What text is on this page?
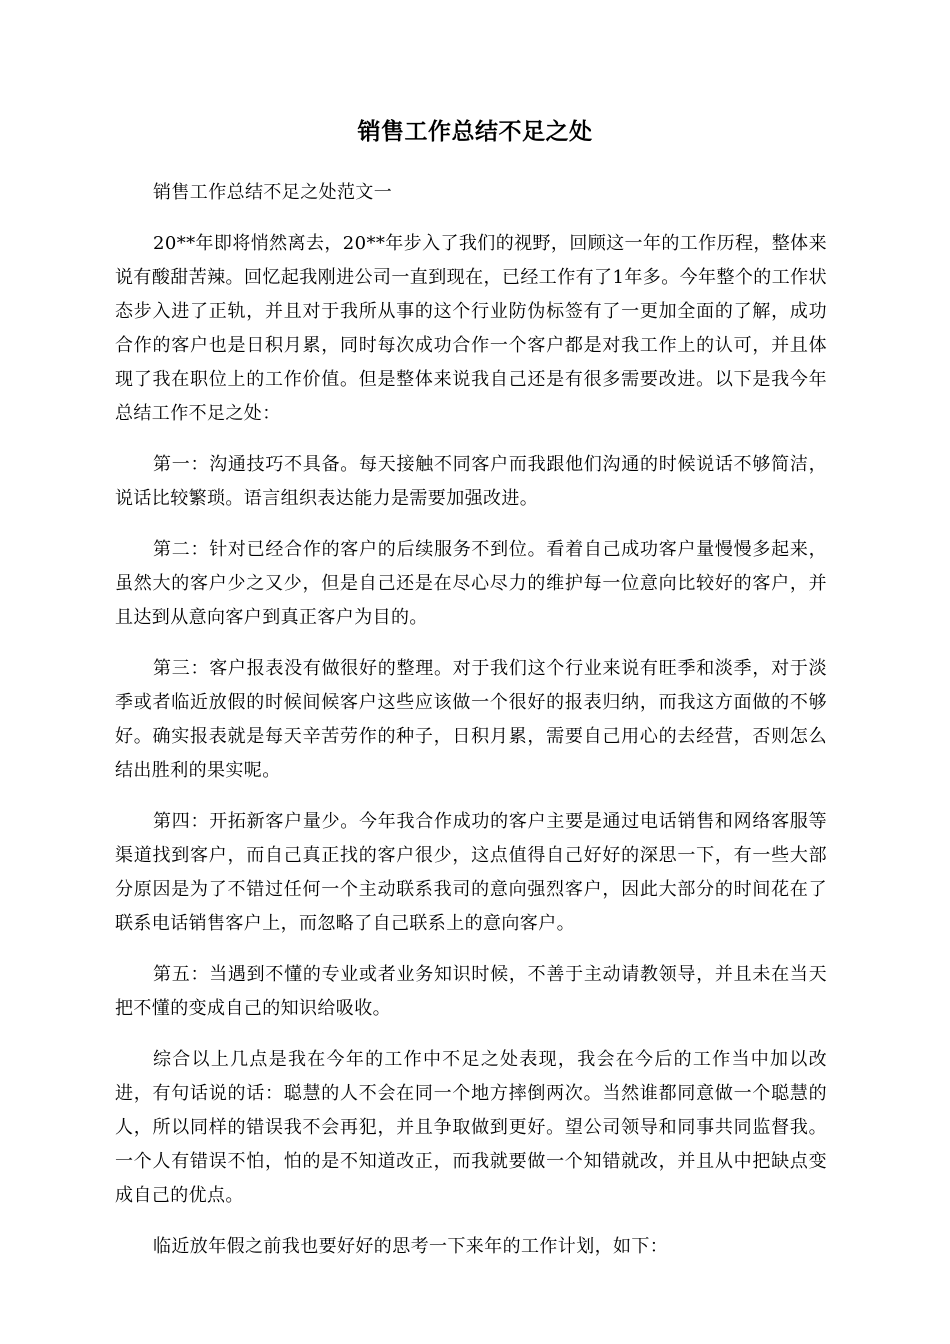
销售工作总结不足之处

销售工作总结不足之处范文一

20**年即将悄然离去，20**年步入了我们的视野，回顾这一年的工作历程，整体来说有酸甜苦辣。回忆起我刚进公司一直到现在，已经工作有了1年多。今年整个的工作状态步入进了正轨，并且对于我所从事的这个行业防伪标签有了一更加全面的了解，成功合作的客户也是日积月累，同时每次成功合作一个客户都是对我工作上的认可，并且体现了我在职位上的工作价值。但是整体来说我自己还是有很多需要改进。以下是我今年总结工作不足之处：

第一：沟通技巧不具备。每天接触不同客户而我跟他们沟通的时候说话不够简洁，说话比较繁琐。语言组织表达能力是需要加强改进。

第二：针对已经合作的客户的后续服务不到位。看着自己成功客户量慢慢多起来，虽然大的客户少之又少，但是自己还是在尽心尽力的维护每一位意向比较好的客户，并且达到从意向客户到真正客户为目的。

第三：客户报表没有做很好的整理。对于我们这个行业来说有旺季和淡季，对于淡季或者临近放假的时候间候客户这些应该做一个很好的报表归纳，而我这方面做的不够好。确实报表就是每天辛苦劳作的种子，日积月累，需要自己用心的去经营，否则怎么结出胜利的果实呢。

第四：开拓新客户量少。今年我合作成功的客户主要是通过电话销售和网络客服等渠道找到客户，而自己真正找的客户很少，这点值得自己好好的深思一下，有一些大部分原因是为了不错过任何一个主动联系我司的意向强烈客户，因此大部分的时间花在了联系电话销售客户上，而忽略了自己联系上的意向客户。

第五：当遇到不懂的专业或者业务知识时候，不善于主动请教领导，并且未在当天把不懂的变成自己的知识给吸收。

综合以上几点是我在今年的工作中不足之处表现，我会在今后的工作当中加以改进，有句话说的话：聪慧的人不会在同一个地方摔倒两次。当然谁都同意做一个聪慧的人，所以同样的错误我不会再犯，并且争取做到更好。望公司领导和同事共同监督我。一个人有错误不怕，怕的是不知道改正，而我就要做一个知错就改，并且从中把缺点变成自己的优点。

临近放年假之前我也要好好的思考一下来年的工作计划，如下：
